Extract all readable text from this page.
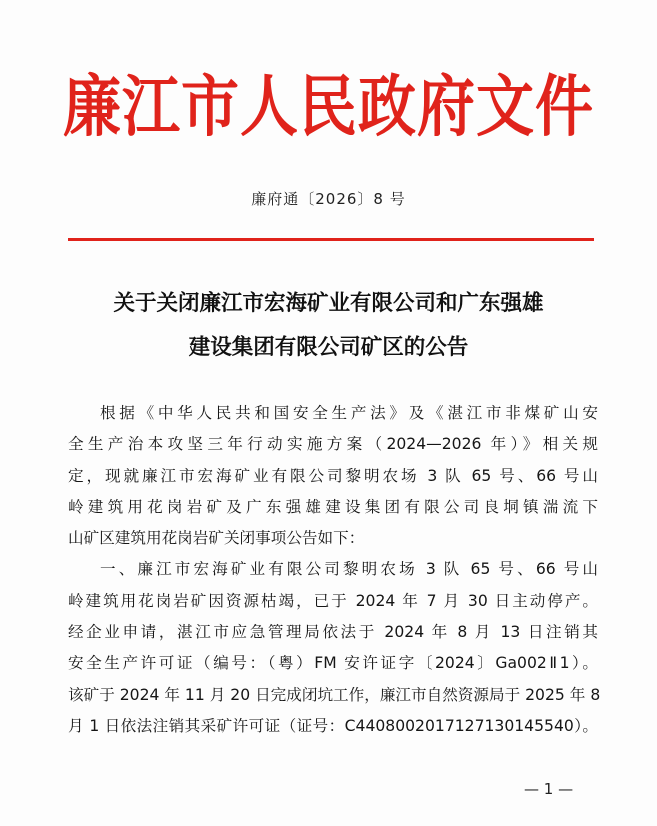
廉江市人民政府文件
廉府通〔2026〕8 号
关于关闭廉江市宏海矿业有限公司和广东强雄
建设集团有限公司矿区的公告
根据《中华人民共和国安全生产法》及《湛江市非煤矿山安
全生产治本攻坚三年行动实施方案（2024—2026 年）》相关规
定，现就廉江市宏海矿业有限公司黎明农场 3 队 65 号、66 号山
岭建筑用花岗岩矿及广东强雄建设集团有限公司良垌镇湍流下
山矿区建筑用花岗岩矿关闭事项公告如下：
一、廉江市宏海矿业有限公司黎明农场 3 队 65 号、66 号山
岭建筑用花岗岩矿因资源枯竭，已于 2024 年 7 月 30 日主动停产。
经企业申请，湛江市应急管理局依法于 2024 年 8 月 13 日注销其
安全生产许可证（编号：（粤）FM 安许证字〔2024〕Ga002Ⅱ1）。
该矿于 2024 年 11 月 20 日完成闭坑工作，廉江市自然资源局于 2025 年 8
月 1 日依法注销其采矿许可证（证号：C4408002017127130145540）。
— 1 —
